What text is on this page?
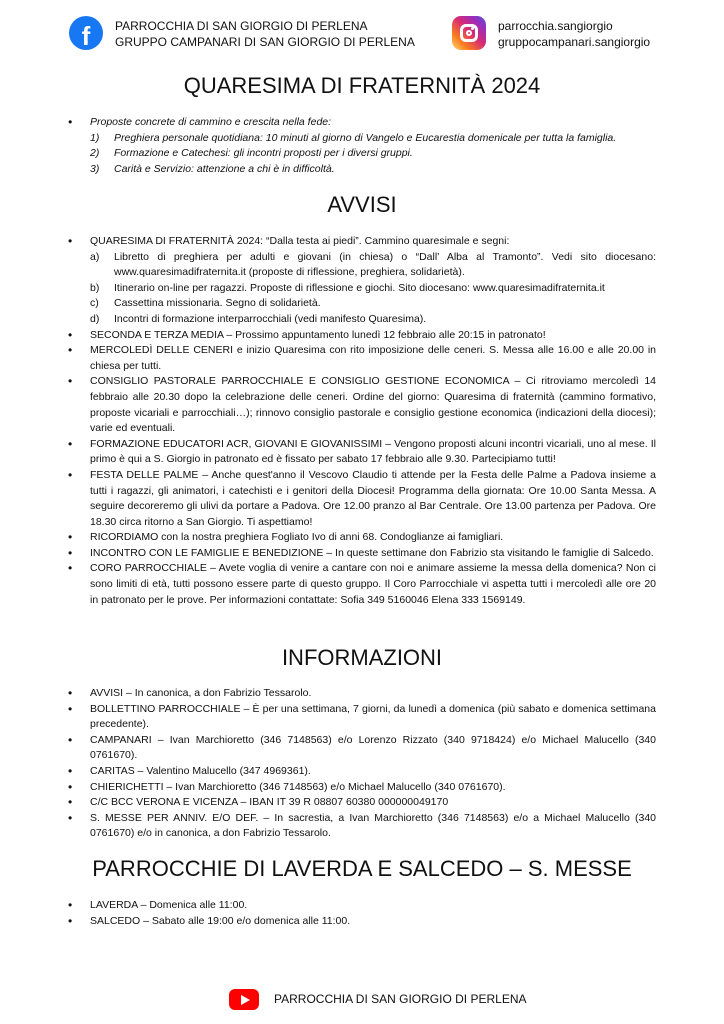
f PARROCCHIA DI SAN GIORGIO DI PERLENA
GRUPPO CAMPANARI DI SAN GIORGIO DI PERLENA
parrocchia.sangiorgio
gruppocampanari.sangiorgio
QUARESIMA DI FRATERNITÀ 2024
• Proposte concrete di cammino e crescita nella fede:
1) Preghiera personale quotidiana: 10 minuti al giorno di Vangelo e Eucarestia domenicale per tutta la famiglia.
2) Formazione e Catechesi: gli incontri proposti per i diversi gruppi.
3) Carità e Servizio: attenzione a chi è in difficoltà.
AVVISI
• QUARESIMA DI FRATERNITÀ 2024: “Dalla testa ai piedi”. Cammino quaresimale e segni:
a) Libretto di preghiera per adulti e giovani (in chiesa) o “Dall’ Alba al Tramonto”. Vedi sito diocesano: www.quaresimadifraternita.it (proposte di riflessione, preghiera, solidarietà).
b) Itinerario on-line per ragazzi. Proposte di riflessione e giochi. Sito diocesano: www.quaresimadifraternita.it
c) Cassettina missionaria. Segno di solidarietà.
d) Incontri di formazione interparrocchiali (vedi manifesto Quaresima).
• SECONDA E TERZA MEDIA – Prossimo appuntamento lunedì 12 febbraio alle 20:15 in patronato!
• MERCOLEDÌ DELLE CENERI e inizio Quaresima con rito imposizione delle ceneri. S. Messa alle 16.00 e alle 20.00 in chiesa per tutti.
• CONSIGLIO PASTORALE PARROCCHIALE E CONSIGLIO GESTIONE ECONOMICA – Ci ritroviamo mercoledì 14 febbraio alle 20.30 dopo la celebrazione delle ceneri. Ordine del giorno: Quaresima di fraternità (cammino formativo, proposte vicariali e parrocchiali…); rinnovo consiglio pastorale e consiglio gestione economica (indicazioni della diocesi); varie ed eventuali.
• FORMAZIONE EDUCATORI ACR, GIOVANI E GIOVANISSIMI – Vengono proposti alcuni incontri vicariali, uno al mese. Il primo è qui a S. Giorgio in patronato ed è fissato per sabato 17 febbraio alle 9.30. Partecipiamo tutti!
• FESTA DELLE PALME – Anche quest'anno il Vescovo Claudio ti attende per la Festa delle Palme a Padova insieme a tutti i ragazzi, gli animatori, i catechisti e i genitori della Diocesi! Programma della giornata: Ore 10.00 Santa Messa. A seguire decoreremo gli ulivi da portare a Padova. Ore 12.00 pranzo al Bar Centrale. Ore 13.00 partenza per Padova. Ore 18.30 circa ritorno a San Giorgio. Ti aspettiamo!
• RICORDIAMO con la nostra preghiera Fogliato Ivo di anni 68. Condoglianze ai famigliari.
• INCONTRO CON LE FAMIGLIE E BENEDIZIONE – In queste settimane don Fabrizio sta visitando le famiglie di Salcedo.
• CORO PARROCCHIALE – Avete voglia di venire a cantare con noi e animare assieme la messa della domenica? Non ci sono limiti di età, tutti possono essere parte di questo gruppo. Il Coro Parrocchiale vi aspetta tutti i mercoledì alle ore 20 in patronato per le prove. Per informazioni contattate: Sofia 349 5160046 Elena 333 1569149.
INFORMAZIONI
• AVVISI – In canonica, a don Fabrizio Tessarolo.
• BOLLETTINO PARROCCHIALE – È per una settimana, 7 giorni, da lunedì a domenica (più sabato e domenica settimana precedente).
• CAMPANARI – Ivan Marchioretto (346 7148563) e/o Lorenzo Rizzato (340 9718424) e/o Michael Malucello (340 0761670).
• CARITAS – Valentino Malucello (347 4969361).
• CHIERICHETTI – Ivan Marchioretto (346 7148563) e/o Michael Malucello (340 0761670).
• C/C BCC VERONA E VICENZA – IBAN IT 39 R 08807 60380 000000049170
• S. MESSE PER ANNIV. E/O DEF. – In sacrestia, a Ivan Marchioretto (346 7148563) e/o a Michael Malucello (340 0761670) e/o in canonica, a don Fabrizio Tessarolo.
PARROCCHIE DI LAVERDA E SALCEDO – S. MESSE
• LAVERDA – Domenica alle 11:00.
• SALCEDO – Sabato alle 19:00 e/o domenica alle 11:00.
PARROCCHIA DI SAN GIORGIO DI PERLENA
